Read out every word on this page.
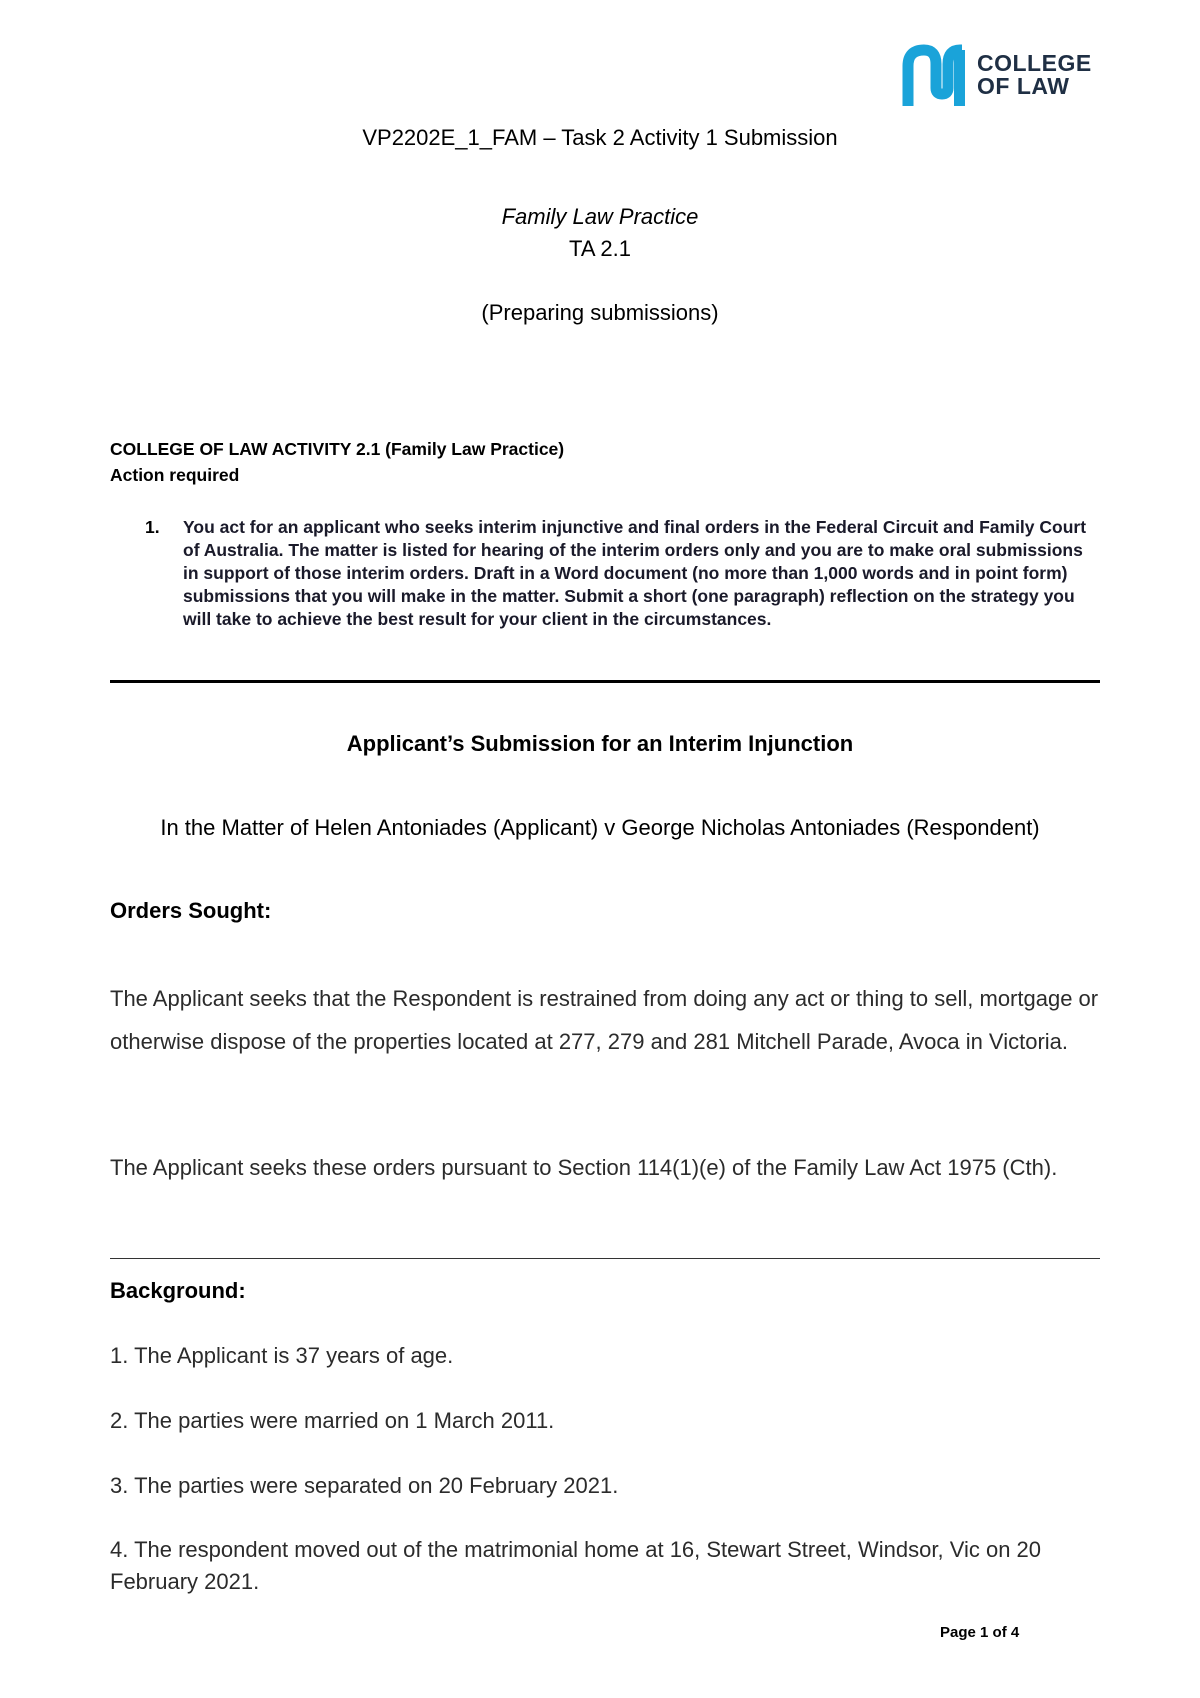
COLLEGE
OF LAW
VP2202E_1_FAM – Task 2 Activity 1 Submission
Family Law Practice
TA 2.1
(Preparing submissions)
COLLEGE OF LAW ACTIVITY 2.1 (Family Law Practice)
Action required
1.	You act for an applicant who seeks interim injunctive and final orders in the Federal Circuit and Family Court of Australia. The matter is listed for hearing of the interim orders only and you are to make oral submissions in support of those interim orders. Draft in a Word document (no more than 1,000 words and in point form) submissions that you will make in the matter. Submit a short (one paragraph) reflection on the strategy you will take to achieve the best result for your client in the circumstances.
Applicant’s Submission for an Interim Injunction
In the Matter of Helen Antoniades (Applicant) v George Nicholas Antoniades (Respondent)
Orders Sought:
The Applicant seeks that the Respondent is restrained from doing any act or thing to sell, mortgage or otherwise dispose of the properties located at 277, 279 and 281 Mitchell Parade, Avoca in Victoria.
The Applicant seeks these orders pursuant to Section 114(1)(e) of the Family Law Act 1975 (Cth).
Background:
1. The Applicant is 37 years of age.
2. The parties were married on 1 March 2011.
3. The parties were separated on 20 February 2021.
4. The respondent moved out of the matrimonial home at 16, Stewart Street, Windsor, Vic on 20 February 2021.
Page 1 of 4
